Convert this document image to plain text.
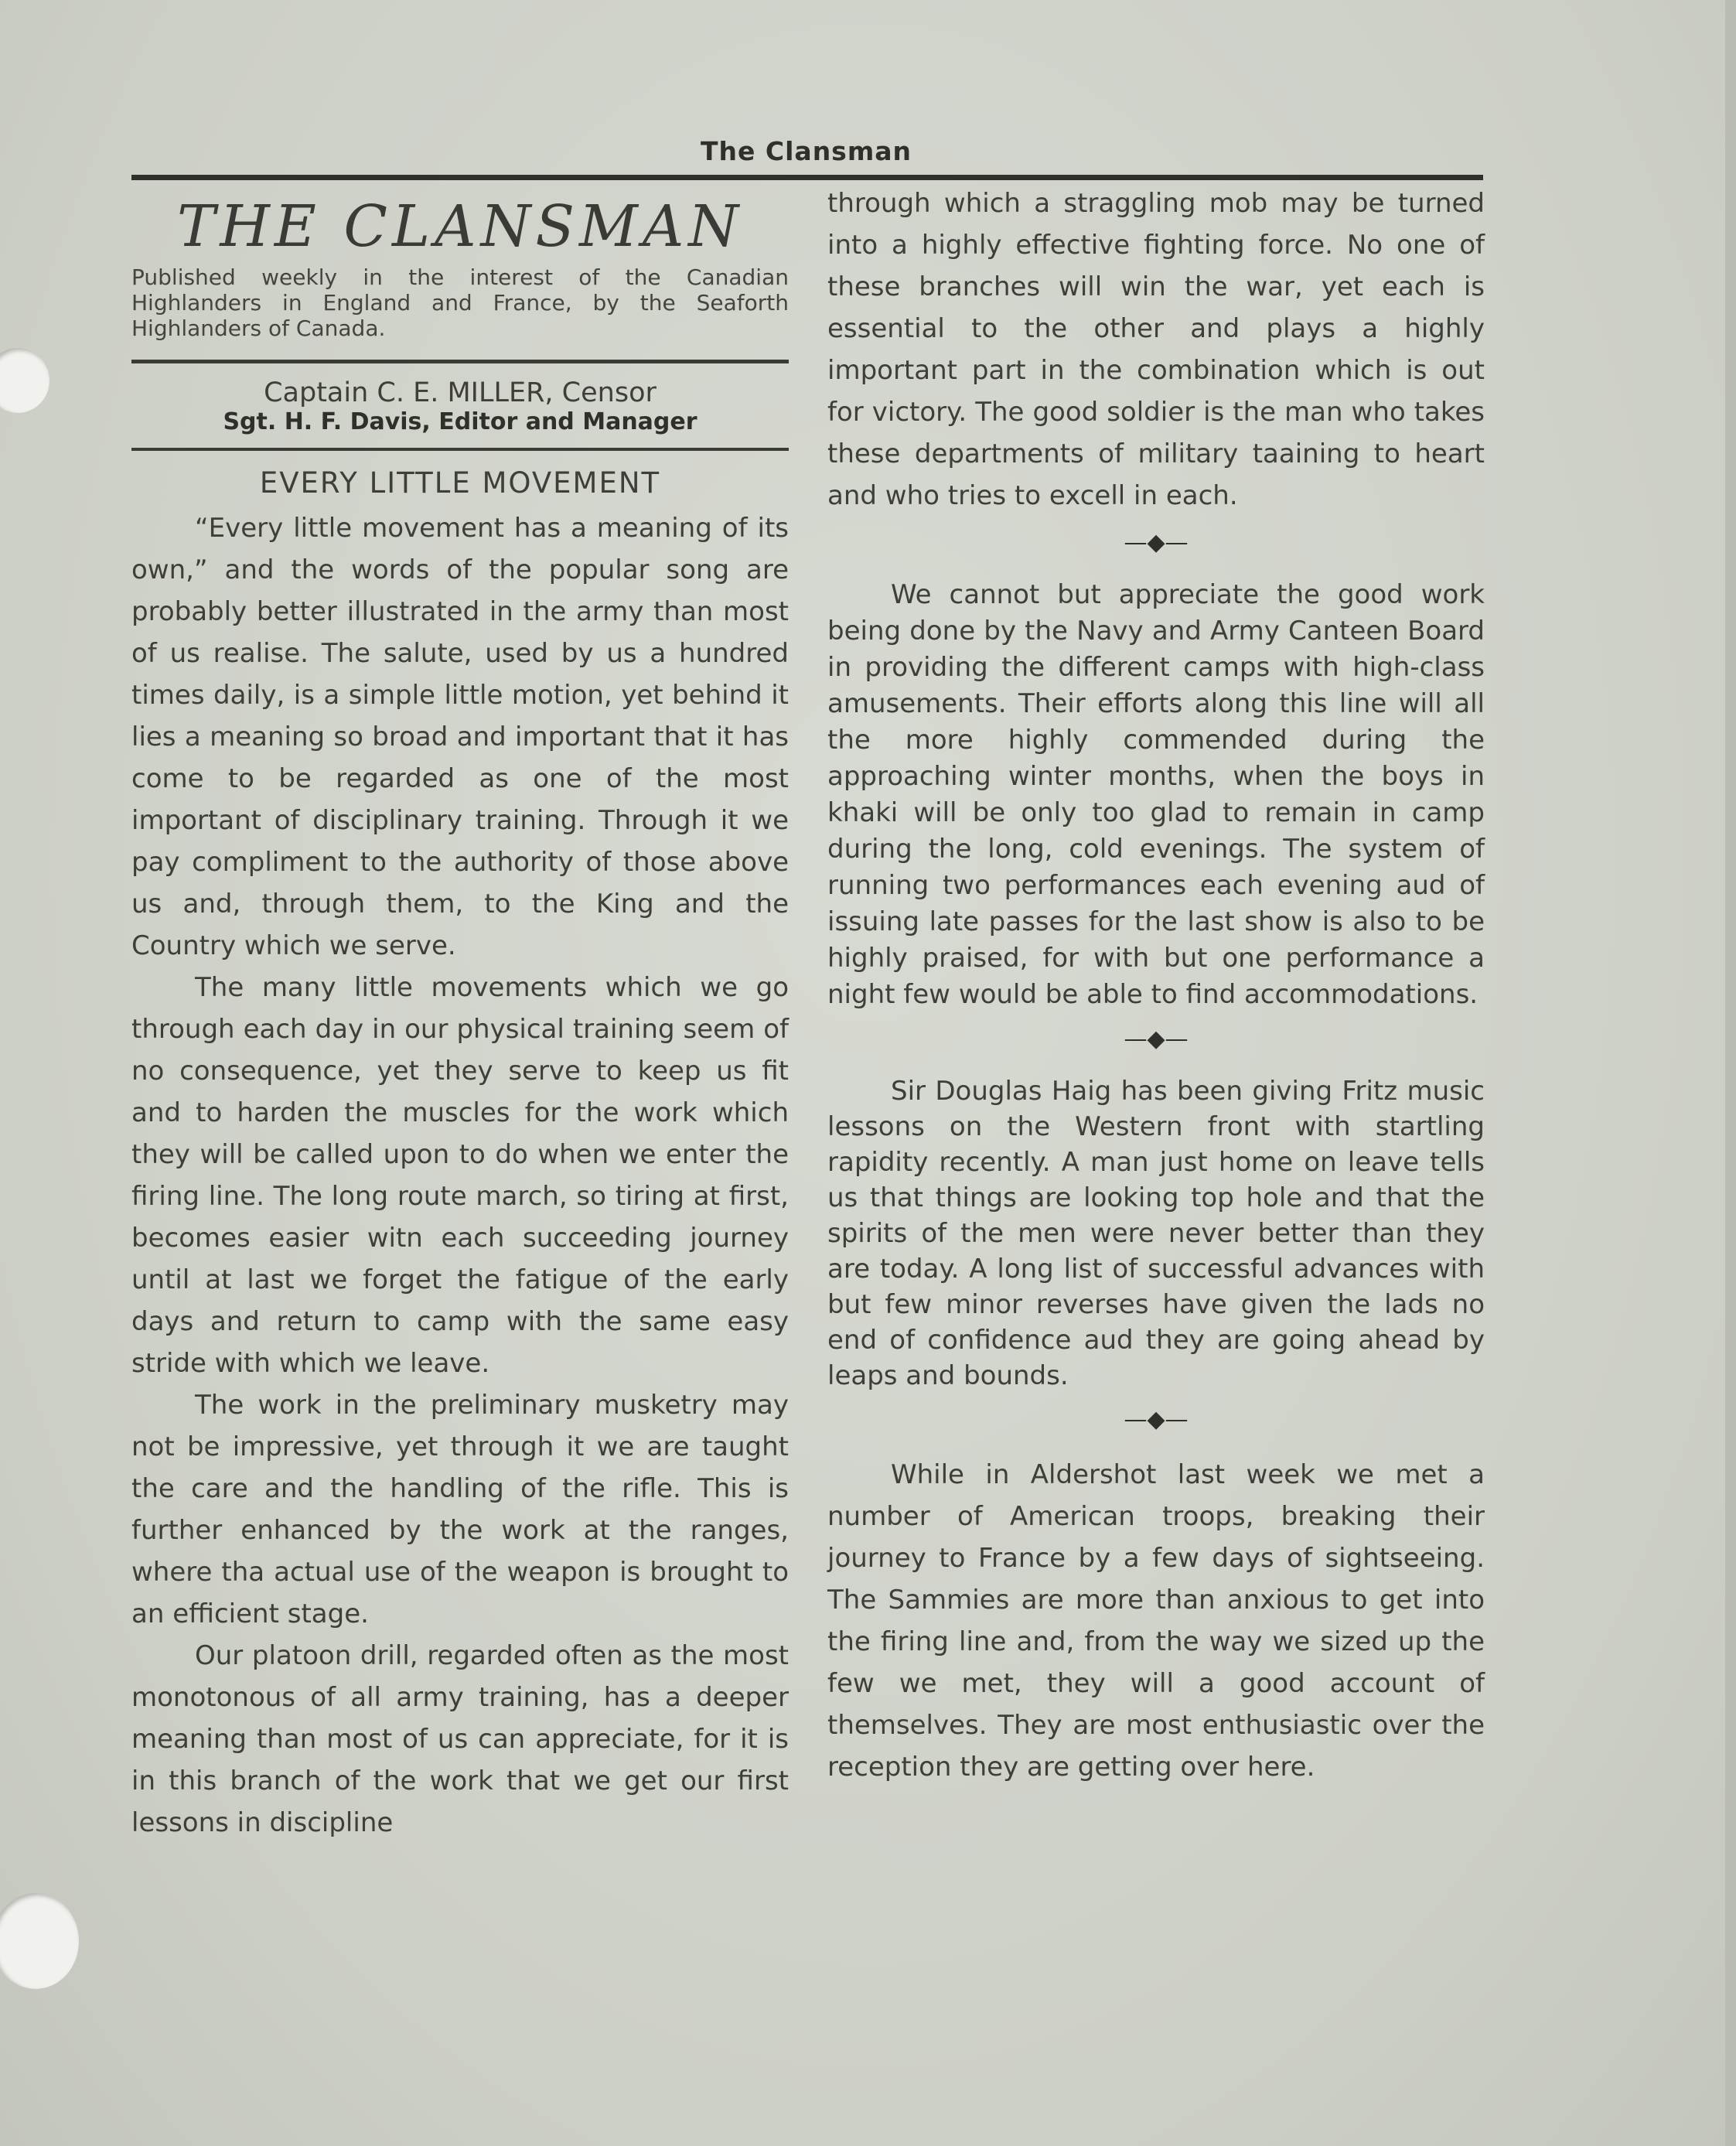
The Clansman
THE CLANSMAN

Published weekly in the interest of the Canadian Highlanders in England and France, by the Seaforth Highlanders of Canada.

Captain C. E. MILLER, Censor

Sgt. H. F. Davis, Editor and Manager

EVERY LITTLE MOVEMENT

“Every little movement has a meaning of its own,” and the words of the popular song are probably better illustrated in the army than most of us realise. The salute, used by us a hundred times daily, is a simple little motion, yet behind it lies a meaning so broad and important that it has come to be regarded as one of the most important of disciplinary training. Through it we pay compliment to the authority of those above us and, through them, to the King and the Country which we serve.

The many little movements which we go through each day in our physical training seem of no consequence, yet they serve to keep us fit and to harden the muscles for the work which they will be called upon to do when we enter the firing line. The long route march, so tiring at first, becomes easier witn each succeeding journey until at last we forget the fatigue of the early days and return to camp with the same easy stride with which we leave.

The work in the preliminary musketry may not be impressive, yet through it we are taught the care and the handling of the rifle. This is further enhanced by the work at the ranges, where tha actual use of the weapon is brought to an efficient stage.

Our platoon drill, regarded often as the most monotonous of all army training, has a deeper meaning than most of us can appreciate, for it is in this branch of the work that we get our first lessons in discipline

through which a straggling mob may be turned into a highly effective fighting force. No one of these branches will win the war, yet each is essential to the other and plays a highly important part in the combination which is out for victory. The good soldier is the man who takes these departments of military taaining to heart and who tries to excell in each.

—◆—

We cannot but appreciate the good work being done by the Navy and Army Canteen Board in providing the different camps with high-class amusements. Their efforts along this line will all the more highly commended during the approaching winter months, when the boys in khaki will be only too glad to remain in camp during the long, cold evenings. The system of running two performances each evening aud of issuing late passes for the last show is also to be highly praised, for with but one performance a night few would be able to find accommodations.

—◆—

Sir Douglas Haig has been giving Fritz music lessons on the Western front with startling rapidity recently. A man just home on leave tells us that things are looking top hole and that the spirits of the men were never better than they are today. A long list of successful advances with but few minor reverses have given the lads no end of confidence aud they are going ahead by leaps and bounds.

—◆—

While in Aldershot last week we met a number of American troops, breaking their journey to France by a few days of sightseeing. The Sammies are more than anxious to get into the firing line and, from the way we sized up the few we met, they will a good account of themselves. They are most enthusiastic over the reception they are getting over here.
